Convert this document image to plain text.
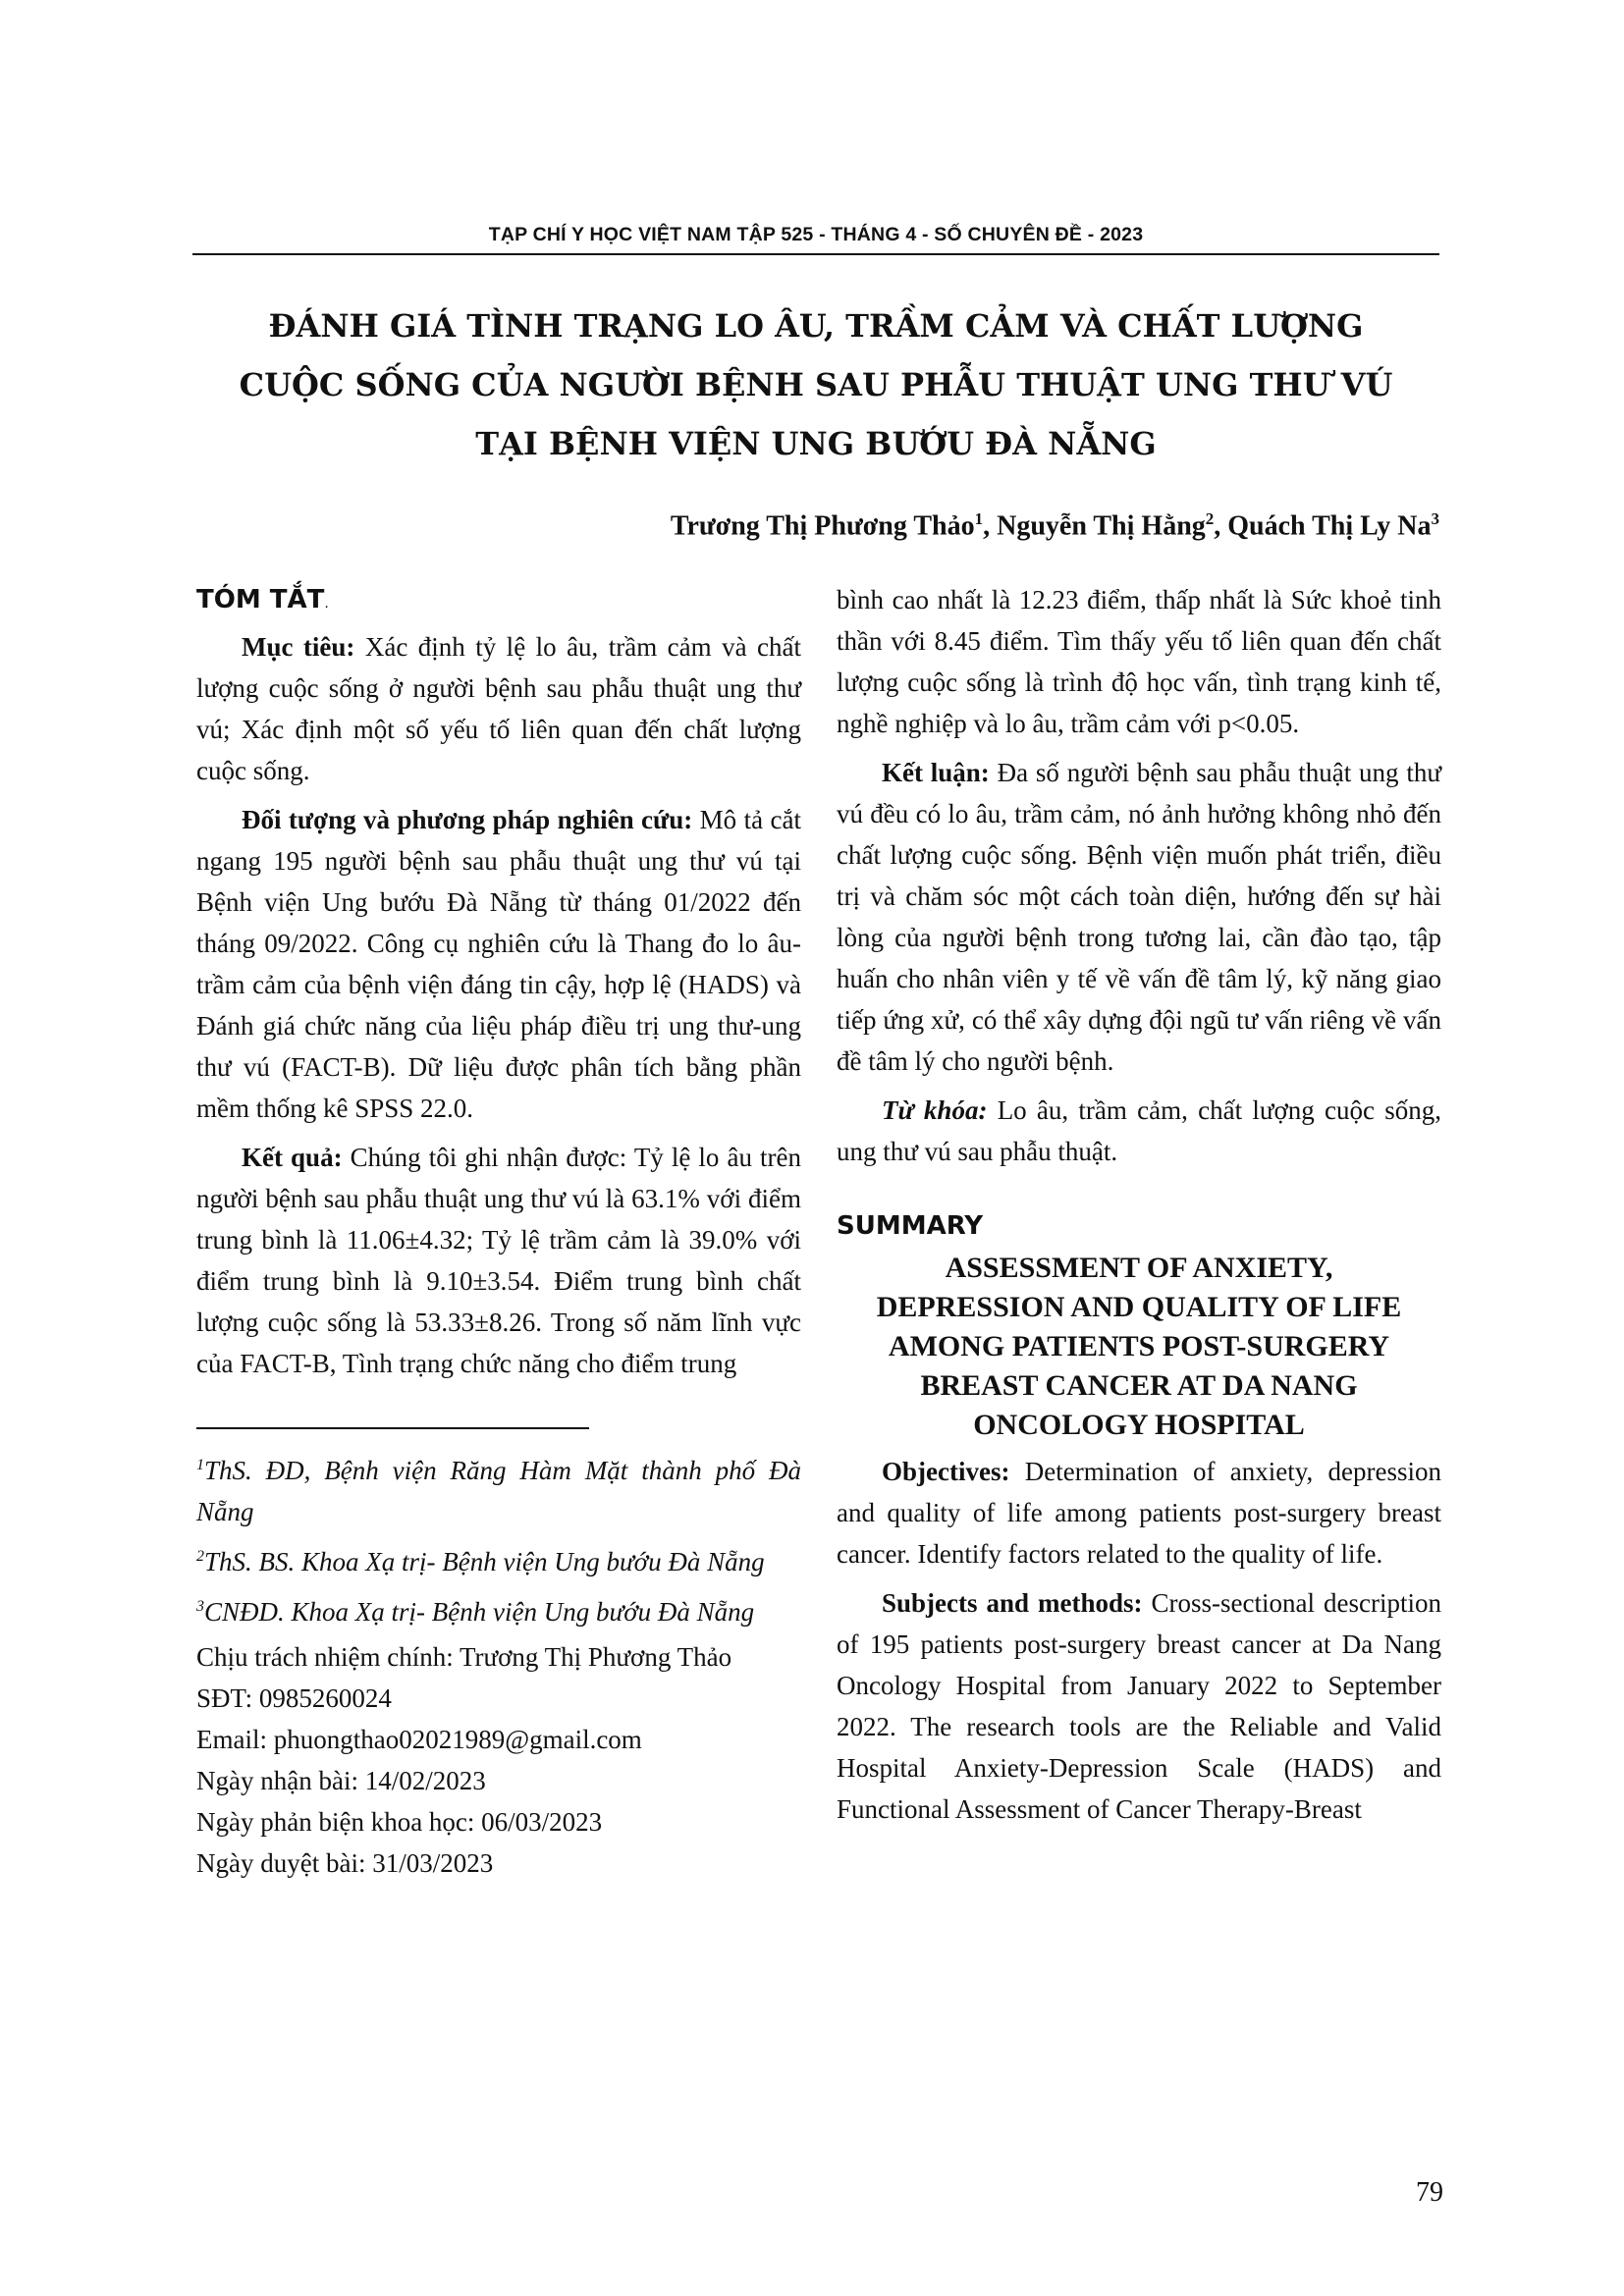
TẠP CHÍ Y HỌC VIỆT NAM TẬP 525 - THÁNG 4 - SỐ CHUYÊN ĐỀ - 2023
ĐÁNH GIÁ TÌNH TRẠNG LO ÂU, TRẦM CẢM VÀ CHẤT LƯỢNG
CUỘC SỐNG CỦA NGƯỜI BỆNH SAU PHẪU THUẬT UNG THƯ VÚ
TẠI BỆNH VIỆN UNG BƯỚU ĐÀ NẴNG
Trương Thị Phương Thảo$^1$, Nguyễn Thị Hằng$^2$, Quách Thị Ly Na$^3$
TÓM TẮT.

Mục tiêu: Xác định tỷ lệ lo âu, trầm cảm và chất lượng cuộc sống ở người bệnh sau phẫu thuật ung thư vú; Xác định một số yếu tố liên quan đến chất lượng cuộc sống.

Đối tượng và phương pháp nghiên cứu: Mô tả cắt ngang 195 người bệnh sau phẫu thuật ung thư vú tại Bệnh viện Ung bướu Đà Nẵng từ tháng 01/2022 đến tháng 09/2022. Công cụ nghiên cứu là Thang đo lo âu-trầm cảm của bệnh viện đáng tin cậy, hợp lệ (HADS) và Đánh giá chức năng của liệu pháp điều trị ung thư-ung thư vú (FACT-B). Dữ liệu được phân tích bằng phần mềm thống kê SPSS 22.0.

Kết quả: Chúng tôi ghi nhận được: Tỷ lệ lo âu trên người bệnh sau phẫu thuật ung thư vú là 63.1% với điểm trung bình là 11.06±4.32; Tỷ lệ trầm cảm là 39.0% với điểm trung bình là 9.10±3.54. Điểm trung bình chất lượng cuộc sống là 53.33±8.26. Trong số năm lĩnh vực của FACT-B, Tình trạng chức năng cho điểm trung

$^1$ThS. ĐD, Bệnh viện Răng Hàm Mặt thành phố Đà Nẵng

$^2$ThS. BS. Khoa Xạ trị- Bệnh viện Ung bướu Đà Nẵng

$^3$CNĐD. Khoa Xạ trị- Bệnh viện Ung bướu Đà Nẵng

Chịu trách nhiệm chính: Trương Thị Phương Thảo
SĐT: 0985260024
Email: phuongthao02021989@gmail.com
Ngày nhận bài: 14/02/2023
Ngày phản biện khoa học: 06/03/2023
Ngày duyệt bài: 31/03/2023

bình cao nhất là 12.23 điểm, thấp nhất là Sức khoẻ tinh thần với 8.45 điểm. Tìm thấy yếu tố liên quan đến chất lượng cuộc sống là trình độ học vấn, tình trạng kinh tế, nghề nghiệp và lo âu, trầm cảm với p<0.05.

Kết luận: Đa số người bệnh sau phẫu thuật ung thư vú đều có lo âu, trầm cảm, nó ảnh hưởng không nhỏ đến chất lượng cuộc sống. Bệnh viện muốn phát triển, điều trị và chăm sóc một cách toàn diện, hướng đến sự hài lòng của người bệnh trong tương lai, cần đào tạo, tập huấn cho nhân viên y tế về vấn đề tâm lý, kỹ năng giao tiếp ứng xử, có thể xây dựng đội ngũ tư vấn riêng về vấn đề tâm lý cho người bệnh.

Từ khóa: Lo âu, trầm cảm, chất lượng cuộc sống, ung thư vú sau phẫu thuật.

SUMMARY
ASSESSMENT OF ANXIETY,
DEPRESSION AND QUALITY OF LIFE
AMONG PATIENTS POST-SURGERY
BREAST CANCER AT DA NANG
ONCOLOGY HOSPITAL

Objectives: Determination of anxiety, depression and quality of life among patients post-surgery breast cancer. Identify factors related to the quality of life.

Subjects and methods: Cross-sectional description of 195 patients post-surgery breast cancer at Da Nang Oncology Hospital from January 2022 to September 2022. The research tools are the Reliable and Valid Hospital Anxiety-Depression Scale (HADS) and Functional Assessment of Cancer Therapy-Breast

79
